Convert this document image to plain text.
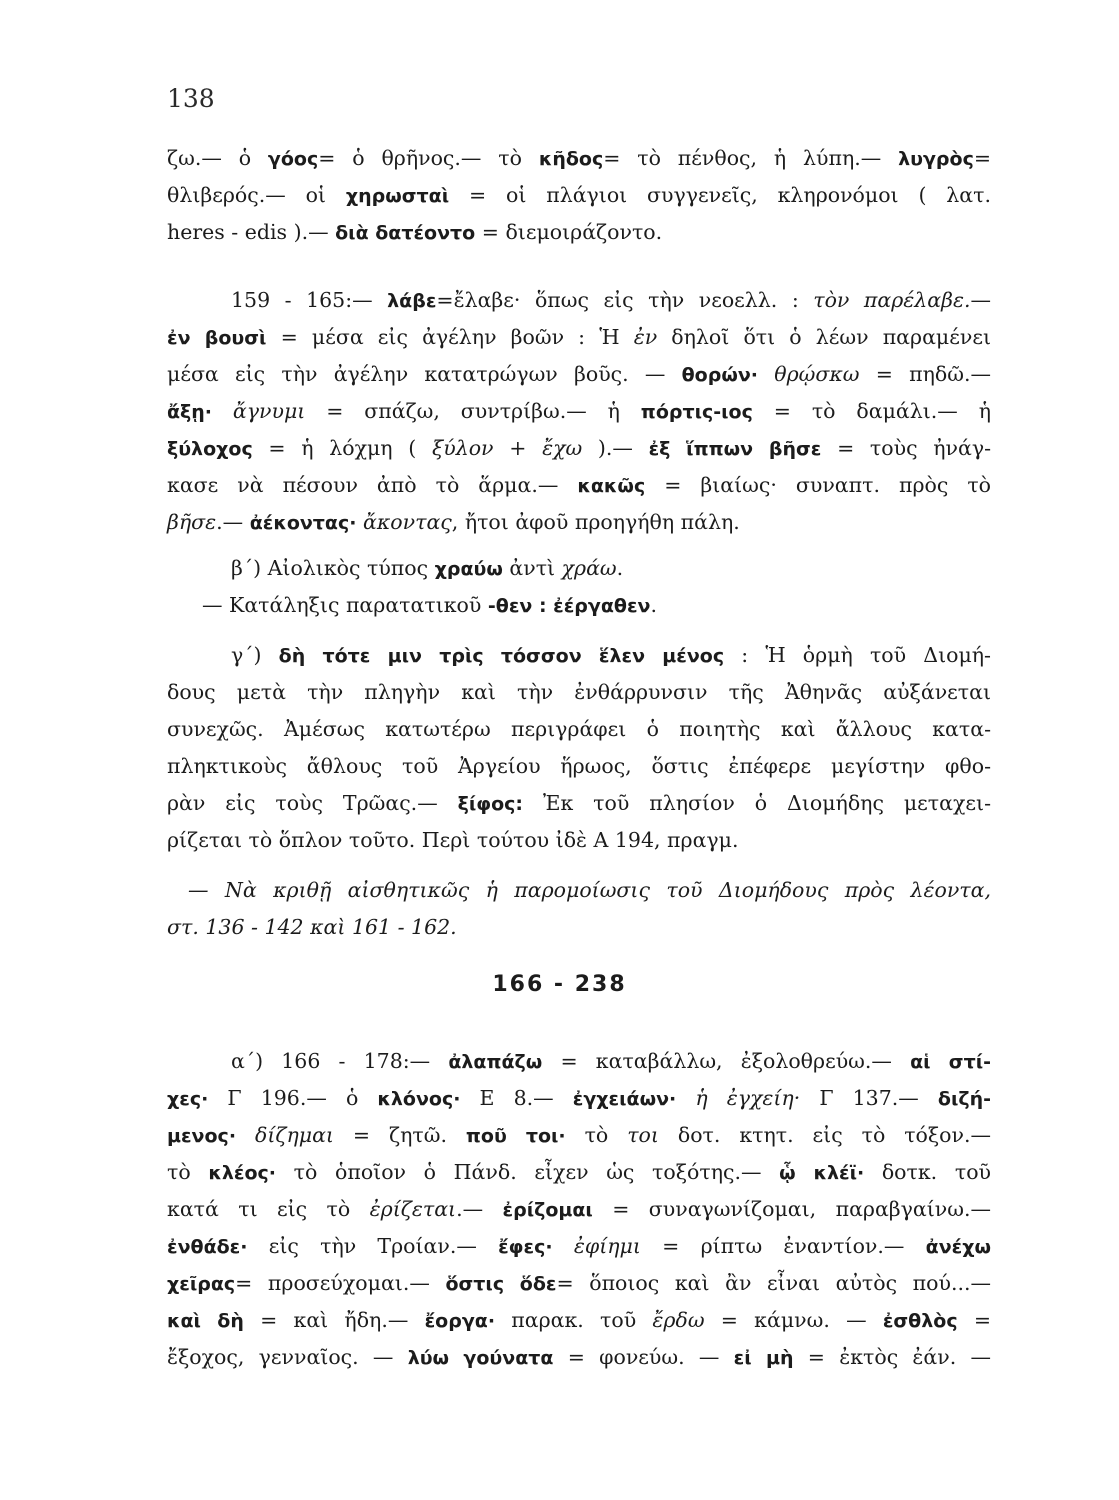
138
ζω.— ὁ γόος= ὁ θρῆνος.— τὸ κῆδος= τὸ πένθος, ἡ λύπη.— λυγρὸς=
θλιβερός.— οἱ χηρωσταὶ = οἱ πλάγιοι συγγενεῖς, κληρονόμοι ( λατ.
heres - edis ).— διὰ δατέοντο = διεμοιράζοντο.
159 - 165:— λάβε=ἔλαβε· ὅπως εἰς τὴν νεοελλ. : τὸν παρέλαβε.—
ἐν βουσὶ = μέσα εἰς ἀγέλην βοῶν : Ἡ ἐν δηλοῖ ὅτι ὁ λέων παραμένει
μέσα εἰς τὴν ἀγέλην κατατρώγων βοῦς. — θορών· θρῴσκω = πηδῶ.—
ἄξῃ· ἄγνυμι = σπάζω, συντρίβω.— ἡ πόρτις-ιος = τὸ δαμάλι.— ἡ
ξύλοχος = ἡ λόχμη ( ξύλον + ἔχω ).— ἐξ ἵππων βῆσε = τοὺς ἠνάγ-
κασε νὰ πέσουν ἀπὸ τὸ ἅρμα.— κακῶς = βιαίως· συναπτ. πρὸς τὸ
βῆσε.— ἀέκοντας· ἄκοντας, ἤτοι ἀφοῦ προηγήθη πάλη.
β΄) Αἰολικὸς τύπος χραύω ἀντὶ χράω.
— Κατάληξις παρατατικοῦ -θεν : ἐέργαθεν.
γ΄) δὴ τότε μιν τρὶς τόσσον ἕλεν μένος : Ἡ ὁρμὴ τοῦ Διομή-
δους μετὰ τὴν πληγὴν καὶ τὴν ἐνθάρρυνσιν τῆς Ἀθηνᾶς αὐξάνεται
συνεχῶς. Ἀμέσως κατωτέρω περιγράφει ὁ ποιητὴς καὶ ἄλλους κατα-
πληκτικοὺς ἄθλους τοῦ Ἀργείου ἥρωος, ὅστις ἐπέφερε μεγίστην φθο-
ρὰν εἰς τοὺς Τρῶας.— ξίφος: Ἐκ τοῦ πλησίον ὁ Διομήδης μεταχει-
ρίζεται τὸ ὅπλον τοῦτο. Περὶ τούτου ἰδὲ Α 194, πραγμ.
— Νὰ κριθῇ αἰσθητικῶς ἡ παρομοίωσις τοῦ Διομήδους πρὸς λέοντα,
στ. 136 - 142 καὶ 161 - 162.
166 - 238
α΄) 166 - 178:— ἀλαπάζω = καταβάλλω, ἐξολοθρεύω.— αἱ στί-
χες· Γ 196.— ὁ κλόνος· Ε 8.— ἐγχειάων· ἡ ἐγχείη· Γ 137.— διζή-
μενος· δίζημαι = ζητῶ. ποῦ τοι· τὸ τοι δοτ. κτητ. εἰς τὸ τόξον.—
τὸ κλέος· τὸ ὁποῖον ὁ Πάνδ. εἶχεν ὡς τοξότης.— ᾧ κλέϊ· δοτκ. τοῦ
κατά τι εἰς τὸ ἐρίζεται.— ἐρίζομαι = συναγωνίζομαι, παραβγαίνω.—
ἐνθάδε· εἰς τὴν Τροίαν.— ἔφες· ἐφίημι = ρίπτω ἐναντίον.— ἀνέχω
χεῖρας= προσεύχομαι.— ὅστις ὅδε= ὅποιος καὶ ἂν εἶναι αὐτὸς πού...—
καὶ δὴ = καὶ ἤδη.— ἔοργα· παρακ. τοῦ ἔρδω = κάμνω. — ἐσθλὸς =
ἔξοχος, γενναῖος. — λύω γούνατα = φονεύω. — εἰ μὴ = ἐκτὸς ἐάν. —
